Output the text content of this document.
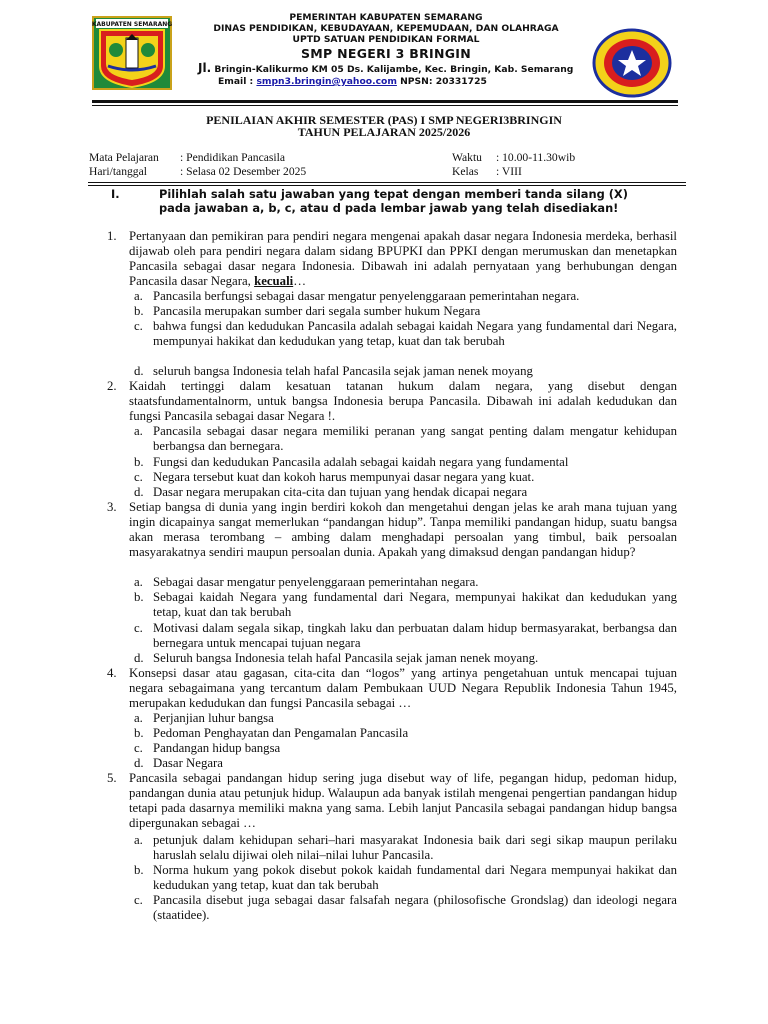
KABUPATEN SEMARANG
PEMERINTAH KABUPATEN SEMARANG
DINAS PENDIDIKAN, KEBUDAYAAN, KEPEMUDAAN, DAN OLAHRAGA
UPTD SATUAN PENDIDIKAN FORMAL
SMP NEGERI 3 BRINGIN
Jl. Bringin-Kalikurmo KM 05 Ds. Kalijambe, Kec. Bringin, Kab. Semarang
Email : smpn3.bringin@yahoo.com NPSN: 20331725
PENILAIAN AKHIR SEMESTER (PAS) I SMP NEGERI3BRINGIN
TAHUN PELAJARAN 2025/2026
Mata Pelajaran : Pendidikan Pancasila
Hari/tanggal	: Selasa 02 Desember 2025
Waktu : 10.00-11.30wib
Kelas : VIII
I.	Pilihlah salah satu jawaban yang tepat dengan memberi tanda silang (X)
pada jawaban a, b, c, atau d pada lembar jawab yang telah disediakan!
1. Pertanyaan dan pemikiran para pendiri negara mengenai apakah dasar negara Indonesia merdeka, berhasil dijawab oleh para pendiri negara dalam sidang BPUPKI dan PPKI dengan merumuskan dan menetapkan Pancasila sebagai dasar negara Indonesia. Dibawah ini adalah pernyataan yang berhubungan dengan Pancasila dasar Negara, kecuali…
a. Pancasila berfungsi sebagai dasar mengatur penyelenggaraan pemerintahan negara.
b. Pancasila merupakan sumber dari segala sumber hukum Negara
c. bahwa fungsi dan kedudukan Pancasila adalah sebagai kaidah Negara yang fundamental dari Negara, mempunyai hakikat dan kedudukan yang tetap, kuat dan tak berubah
d. seluruh bangsa Indonesia telah hafal Pancasila sejak jaman nenek moyang
2. Kaidah tertinggi dalam kesatuan tatanan hukum dalam negara, yang disebut dengan staatsfundamentalnorm, untuk bangsa Indonesia berupa Pancasila. Dibawah ini adalah kedudukan dan fungsi Pancasila sebagai dasar Negara !.
a. Pancasila sebagai dasar negara memiliki peranan yang sangat penting dalam mengatur kehidupan berbangsa dan bernegara.
b. Fungsi dan kedudukan Pancasila adalah sebagai kaidah negara yang fundamental
c. Negara tersebut kuat dan kokoh harus mempunyai dasar negara yang kuat.
d. Dasar negara merupakan cita-cita dan tujuan yang hendak dicapai negara
3. Setiap bangsa di dunia yang ingin berdiri kokoh dan mengetahui dengan jelas ke arah mana tujuan yang ingin dicapainya sangat memerlukan “pandangan hidup”. Tanpa memiliki pandangan hidup, suatu bangsa akan merasa terombang – ambing dalam menghadapi persoalan yang timbul, baik persoalan masyarakatnya sendiri maupun persoalan dunia. Apakah yang dimaksud dengan pandangan hidup?
a. Sebagai dasar mengatur penyelenggaraan pemerintahan negara.
b. Sebagai kaidah Negara yang fundamental dari Negara, mempunyai hakikat dan kedudukan yang tetap, kuat dan tak berubah
c. Motivasi dalam segala sikap, tingkah laku dan perbuatan dalam hidup bermasyarakat, berbangsa dan bernegara untuk mencapai tujuan negara
d. Seluruh bangsa Indonesia telah hafal Pancasila sejak jaman nenek moyang.
4. Konsepsi dasar atau gagasan, cita-cita dan “logos” yang artinya pengetahuan untuk mencapai tujuan negara sebagaimana yang tercantum dalam Pembukaan UUD Negara Republik Indonesia Tahun 1945, merupakan kedudukan dan fungsi Pancasila sebagai …
a. Perjanjian luhur bangsa
b. Pedoman Penghayatan dan Pengamalan Pancasila
c. Pandangan hidup bangsa
d. Dasar Negara
5. Pancasila sebagai pandangan hidup sering juga disebut way of life, pegangan hidup, pedoman hidup, pandangan dunia atau petunjuk hidup. Walaupun ada banyak istilah mengenai pengertian pandangan hidup tetapi pada dasarnya memiliki makna yang sama. Lebih lanjut Pancasila sebagai pandangan hidup bangsa dipergunakan sebagai …
a. petunjuk dalam kehidupan sehari–hari masyarakat Indonesia baik dari segi sikap maupun perilaku haruslah selalu dijiwai oleh nilai–nilai luhur Pancasila.
b. Norma hukum yang pokok disebut pokok kaidah fundamental dari Negara mempunyai hakikat dan kedudukan yang tetap, kuat dan tak berubah
c. Pancasila disebut juga sebagai dasar falsafah negara (philosofische Grondslag) dan ideologi negara (staatidee).
